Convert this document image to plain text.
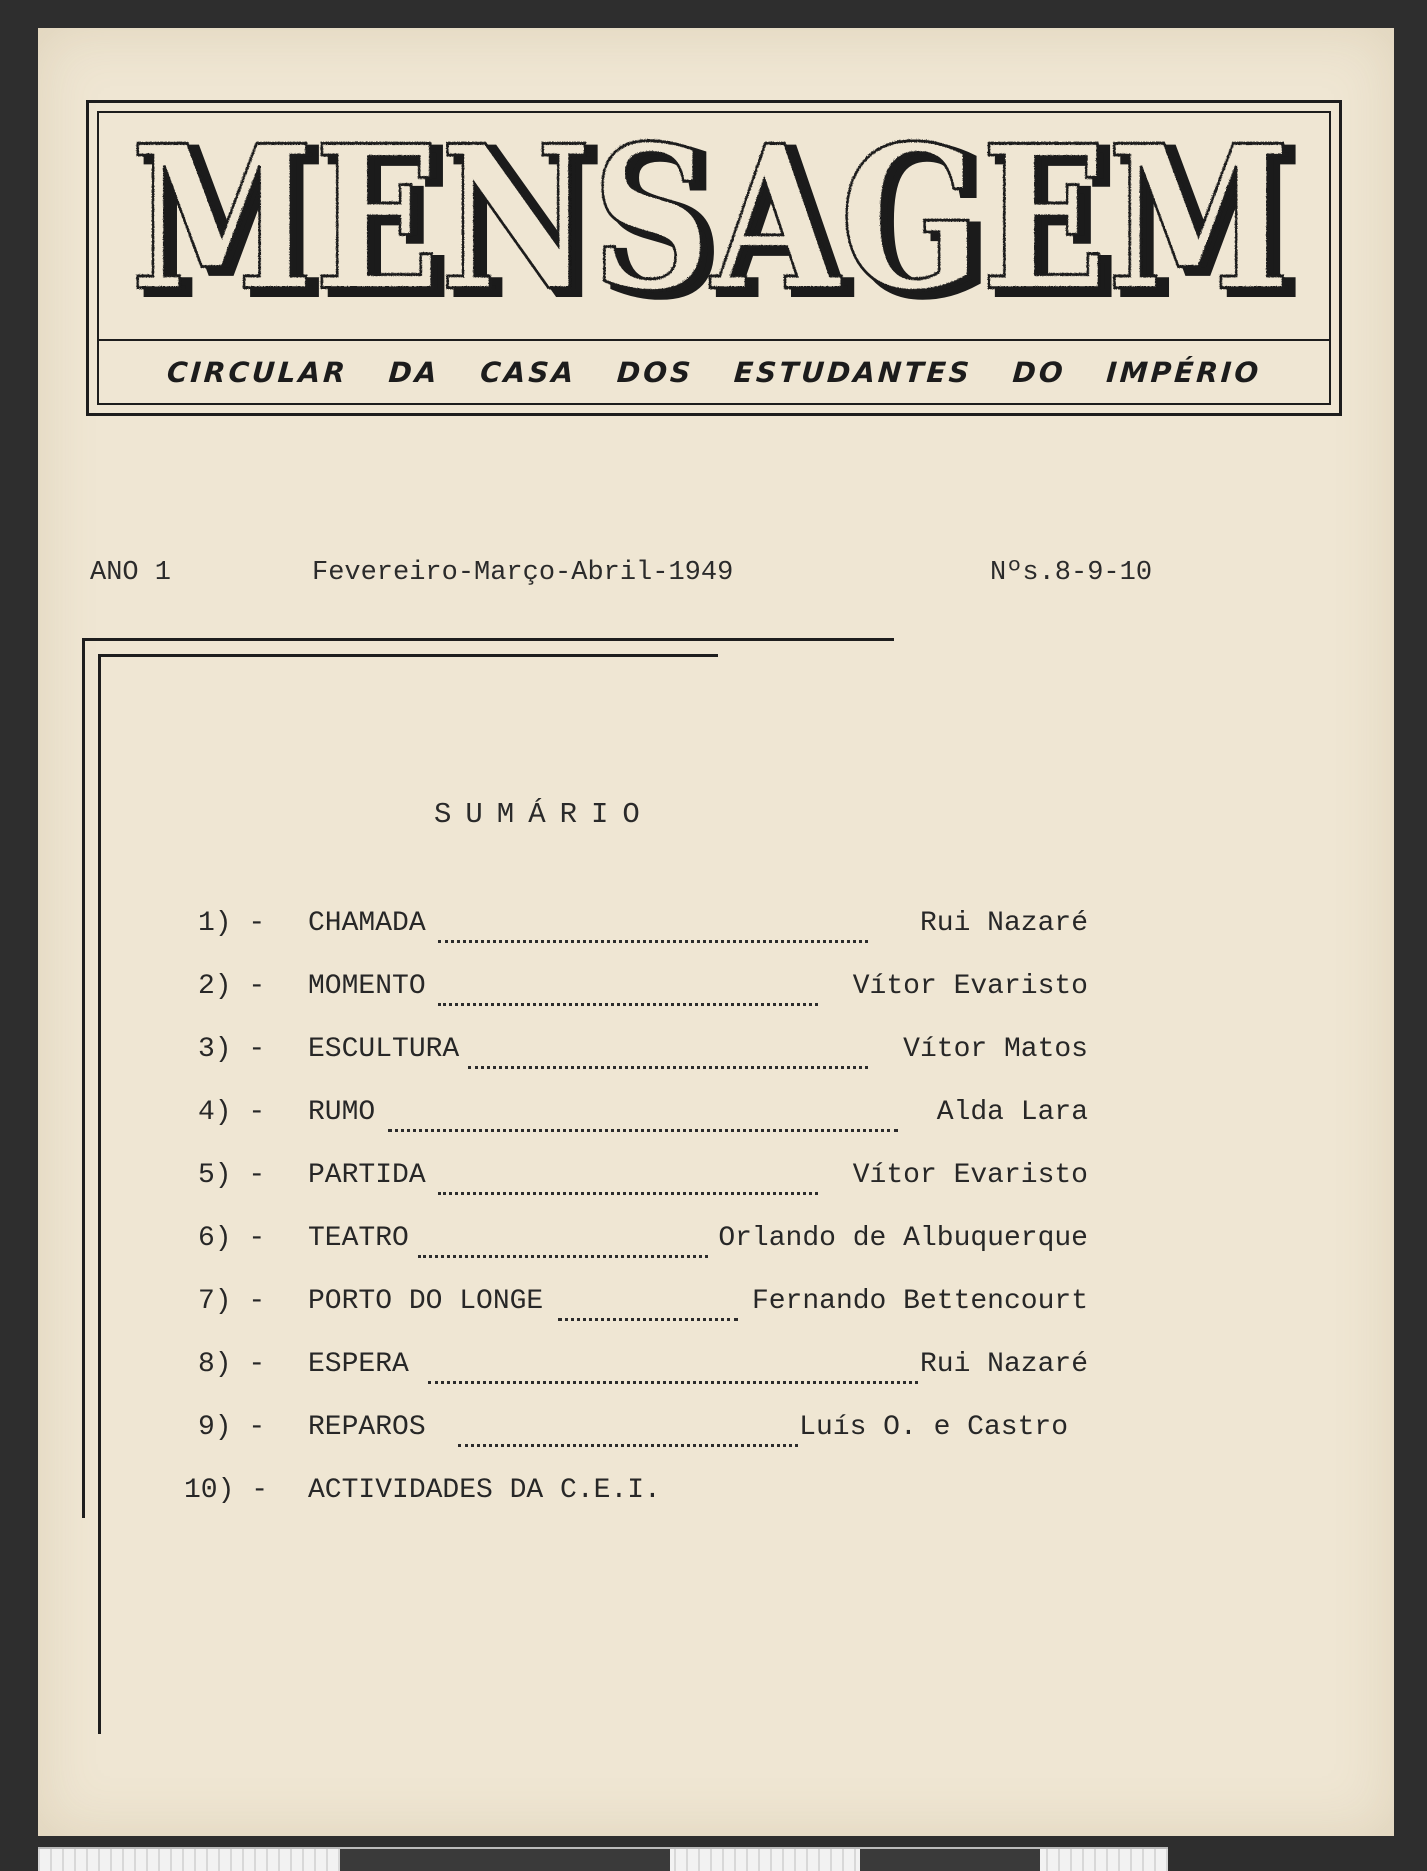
MENSAGEM
MENSAGEM
CIRCULAR DA CASA DOS ESTUDANTES DO IMPÉRIO
ANO 1	Fevereiro-Março-Abril-1949	Nºs.8-9-10
SUMÁRIO
1) -	CHAMADA	Rui Nazaré
2) -	MOMENTO	Vítor Evaristo
3) -	ESCULTURA	Vítor Matos
4) -	RUMO	Alda Lara
5) -	PARTIDA	Vítor Evaristo
6) -	TEATRO	Orlando de Albuquerque
7) -	PORTO DO LONGE	Fernando Bettencourt
8) -	ESPERA	Rui Nazaré
9) -	REPAROS	Luís O. e Castro
10) - ACTIVIDADES DA C.E.I.
